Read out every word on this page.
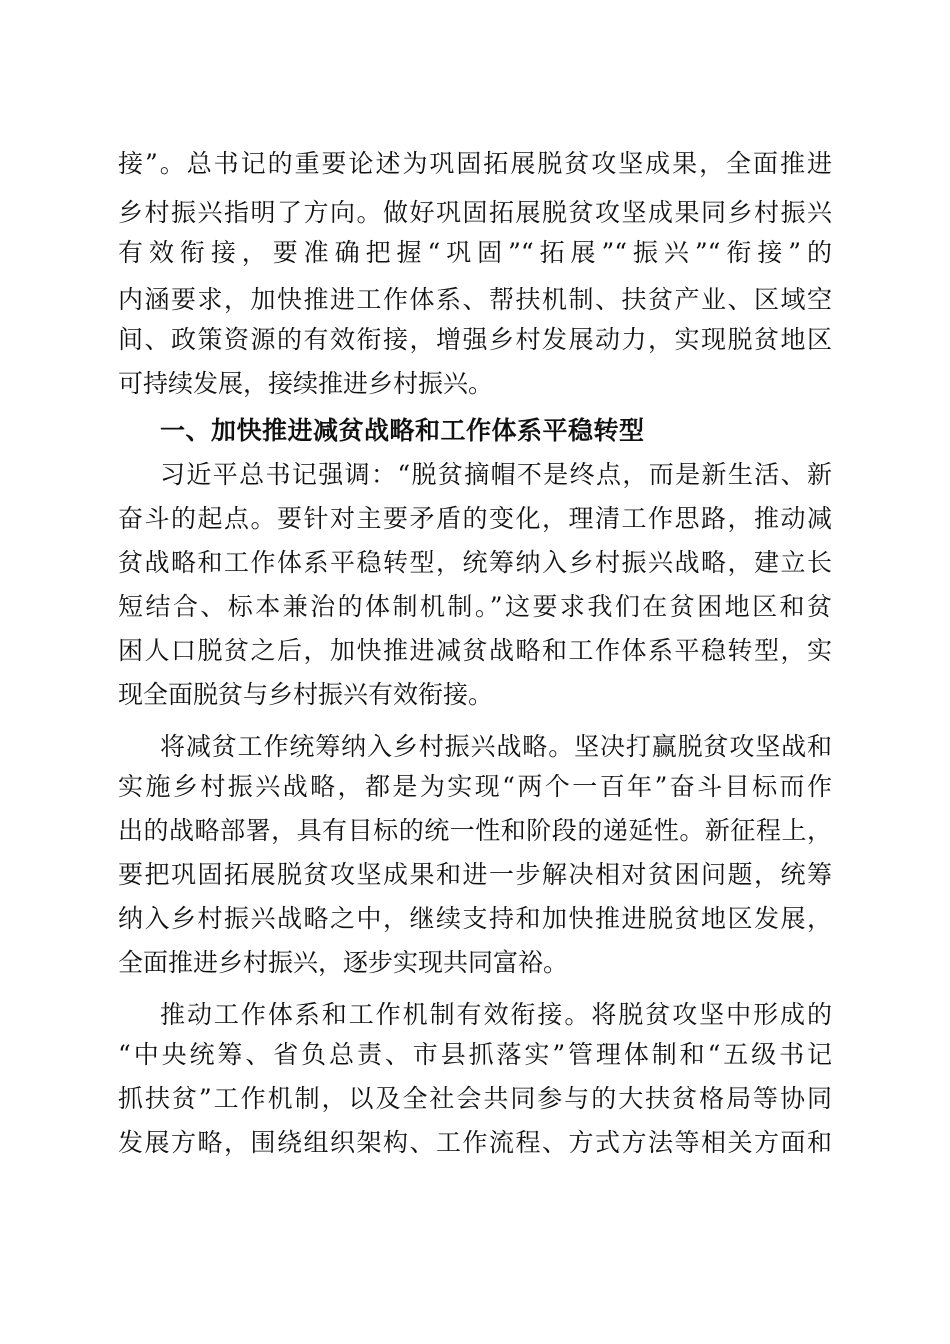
接”。总书记的重要论述为巩固拓展脱贫攻坚成果，全面推进
乡村振兴指明了方向。做好巩固拓展脱贫攻坚成果同乡村振兴
有效衔接，要准确把握“巩固”“拓展”“振兴”“衔接”的
内涵要求，加快推进工作体系、帮扶机制、扶贫产业、区域空
间、政策资源的有效衔接，增强乡村发展动力，实现脱贫地区
可持续发展，接续推进乡村振兴。
一、加快推进减贫战略和工作体系平稳转型
习近平总书记强调：“脱贫摘帽不是终点，而是新生活、新
奋斗的起点。要针对主要矛盾的变化，理清工作思路，推动减
贫战略和工作体系平稳转型，统筹纳入乡村振兴战略，建立长
短结合、标本兼治的体制机制。”这要求我们在贫困地区和贫
困人口脱贫之后，加快推进减贫战略和工作体系平稳转型，实
现全面脱贫与乡村振兴有效衔接。
将减贫工作统筹纳入乡村振兴战略。坚决打赢脱贫攻坚战和
实施乡村振兴战略，都是为实现“两个一百年”奋斗目标而作
出的战略部署，具有目标的统一性和阶段的递延性。新征程上，
要把巩固拓展脱贫攻坚成果和进一步解决相对贫困问题，统筹
纳入乡村振兴战略之中，继续支持和加快推进脱贫地区发展，
全面推进乡村振兴，逐步实现共同富裕。
推动工作体系和工作机制有效衔接。将脱贫攻坚中形成的
“中央统筹、省负总责、市县抓落实”管理体制和“五级书记
抓扶贫”工作机制，以及全社会共同参与的大扶贫格局等协同
发展方略，围绕组织架构、工作流程、方式方法等相关方面和
